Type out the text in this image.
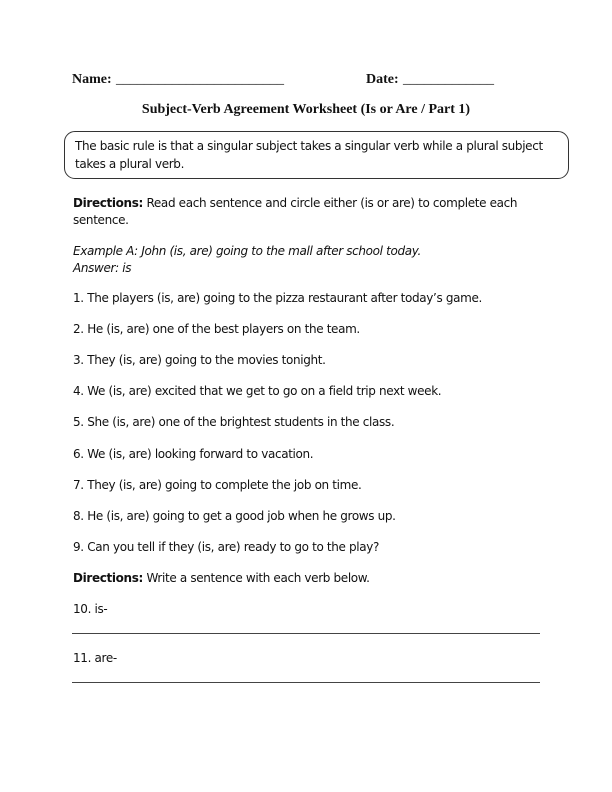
Name: ________________________	Date: _____________
Subject-Verb Agreement Worksheet (Is or Are / Part 1)

The basic rule is that a singular subject takes a singular verb while a plural subject takes a plural verb.

Directions: Read each sentence and circle either (is or are) to complete each sentence.
Example A: John (is, are) going to the mall after school today.
Answer: is
1. The players (is, are) going to the pizza restaurant after today’s game.
2. He (is, are) one of the best players on the team.
3. They (is, are) going to the movies tonight.
4. We (is, are) excited that we get to go on a field trip next week.
5. She (is, are) one of the brightest students in the class.
6. We (is, are) looking forward to vacation.
7. They (is, are) going to complete the job on time.
8. He (is, are) going to get a good job when he grows up.
9. Can you tell if they (is, are) ready to go to the play?
Directions: Write a sentence with each verb below.
10. is-
11. are-
